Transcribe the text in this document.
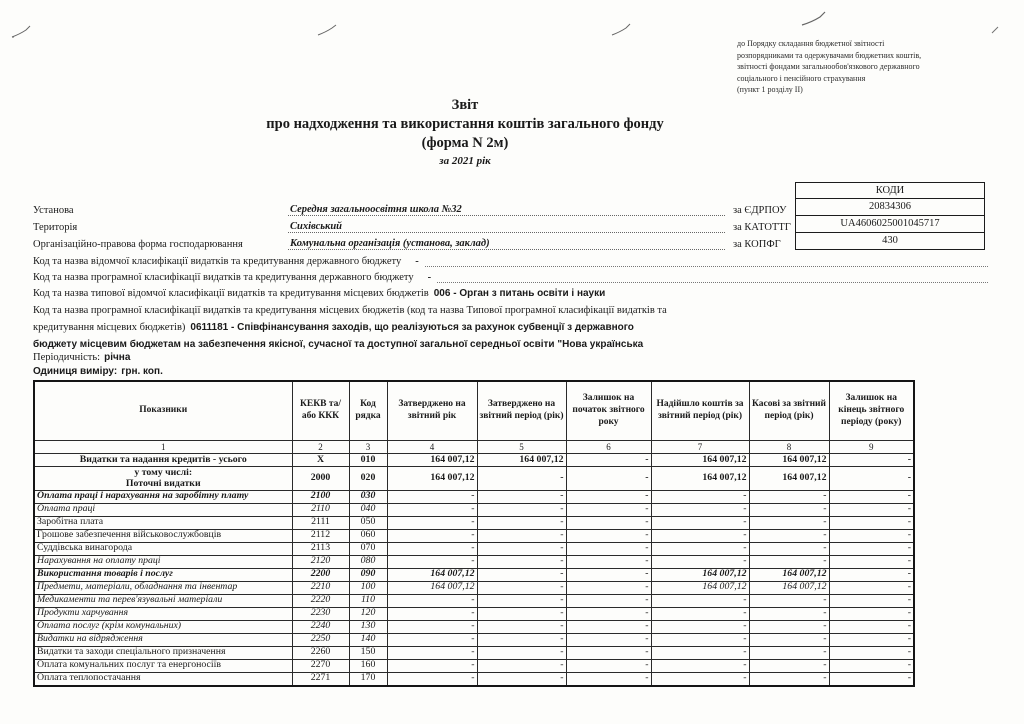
до Порядку складання бюджетної звітності
розпорядниками та одержувачами бюджетних коштів,
звітності фондами загальнообов'язкового державного
соціального і пенсійного страхування
(пункт 1 розділу II)
Звіт
про надходження та використання коштів загального фонду
(форма N 2м)
за 2021 рік
КОДИ
20834306
UA4606025001045717
430
Установа	Середня загальноосвітня школа №32	за ЄДРПОУ
Територія	Сихівський	за КАТОТТГ
Організаційно-правова форма господарювання	Комунальна організація (установа, заклад)	за КОПФГ
Код та назва відомчої класифікації видатків та кредитування державного бюджету -
Код та назва програмної класифікації видатків та кредитування державного бюджету -
Код та назва типової відомчої класифікації видатків та кредитування місцевих бюджетів 006 - Орган з питань освіти і науки
Код та назва програмної класифікації видатків та кредитування місцевих бюджетів (код та назва Типової програмної класифікації видатків та
кредитування місцевих бюджетів) 0611181 - Співфінансування заходів, що реалізуються за рахунок субвенції з державного
бюджету місцевим бюджетам на забезпечення якісної, сучасної та доступної загальної середньої освіти "Нова українська
Періодичність: річна
Одиниця виміру: грн. коп.
Показники	КЕКВ та/або ККК	Код рядка	Затверджено на звітний рік	Затверджено на звітний період (рік)	Залишок на початок звітного року	Надійшло коштів за звітний період (рік)	Касові за звітний період (рік)	Залишок на кінець звітного періоду (року)
1	2	3	4	5	6	7	8	9
Видатки та надання кредитів - усього	X	010	164 007,12	164 007,12	-	164 007,12	164 007,12	-

у тому числі:
Поточні видатки	2000	020	164 007,12	-	-	164 007,12	164 007,12	-
Оплата праці і нарахування на заробітну плату	2100	030	-	-	-	-	-	-
Оплата праці	2110	040	-	-	-	-	-	-
Заробітна плата	2111	050	-	-	-	-	-	-
Грошове забезпечення військовослужбовців	2112	060	-	-	-	-	-	-
Суддівська винагорода	2113	070	-	-	-	-	-	-
Нарахування на оплату праці	2120	080	-	-	-	-	-	-
Використання товарів і послуг	2200	090	164 007,12	-	-	164 007,12	164 007,12	-
Предмети, матеріали, обладнання та інвентар	2210	100	164 007,12	-	-	164 007,12	164 007,12	-
Медикаменти та перев'язувальні матеріали	2220	110	-	-	-	-	-	-
Продукти харчування	2230	120	-	-	-	-	-	-
Оплата послуг (крім комунальних)	2240	130	-	-	-	-	-	-
Видатки на відрядження	2250	140	-	-	-	-	-	-
Видатки та заходи спеціального призначення	2260	150	-	-	-	-	-	-
Оплата комунальних послуг та енергоносіїв	2270	160	-	-	-	-	-	-
Оплата теплопостачання	2271	170	-	-	-	-	-	-
